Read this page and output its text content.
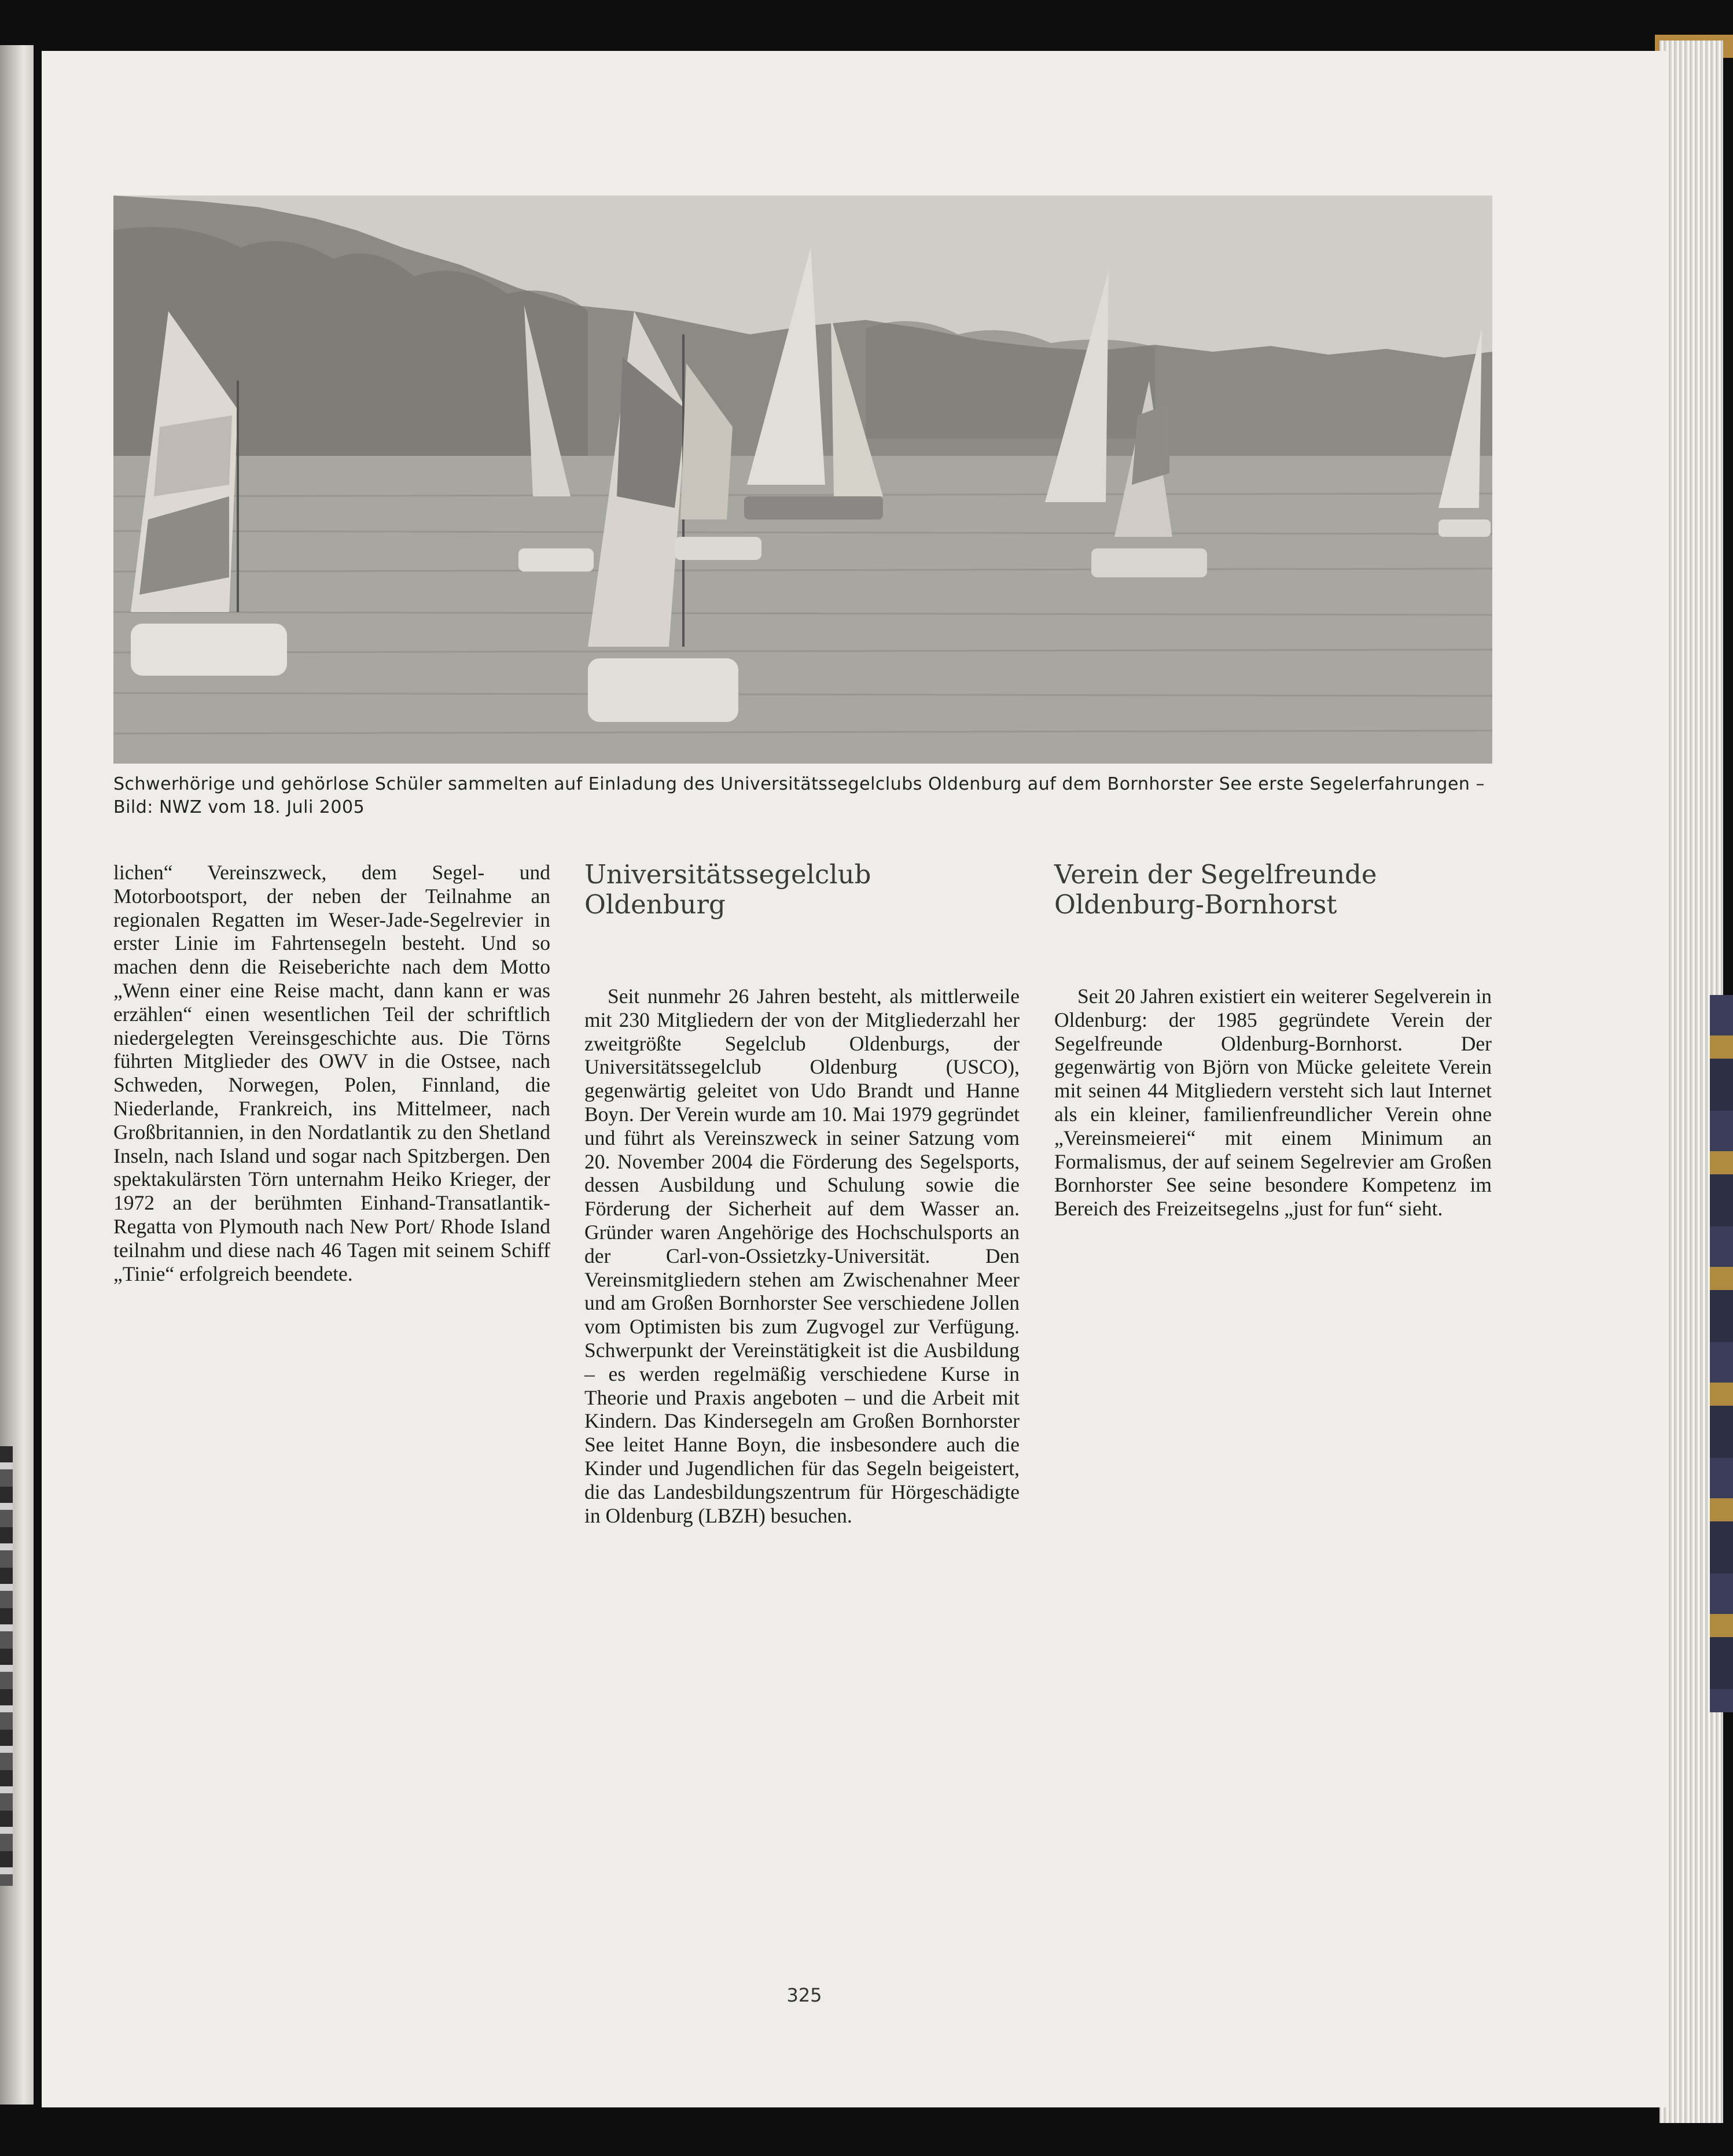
Schwerhörige und gehörlose Schüler sammelten auf Einladung des Universitätssegelclubs Oldenburg auf dem Bornhorster See erste Segelerfahrungen –

Bild: NWZ vom 18. Juli 2005

lichen“ Vereinszweck, dem Segel- und Motorbootsport, der neben der Teilnahme an regionalen Regatten im Weser-Jade-Segelrevier in erster Linie im Fahrtensegeln besteht. Und so machen denn die Reiseberichte nach dem Motto „Wenn einer eine Reise macht, dann kann er was erzählen“ einen wesentlichen Teil der schriftlich niedergelegten Vereinsgeschichte aus. Die Törns führten Mitglieder des OWV in die Ostsee, nach Schweden, Norwegen, Polen, Finnland, die Niederlande, Frankreich, ins Mittelmeer, nach Großbritannien, in den Nordatlantik zu den Shetland Inseln, nach Island und sogar nach Spitzbergen. Den spektakulärsten Törn unternahm Heiko Krieger, der 1972 an der berühmten Einhand-Transatlantik-Regatta von Plymouth nach New Port/ Rhode Island teilnahm und diese nach 46 Tagen mit seinem Schiff „Tinie“ erfolgreich beendete.

Universitätssegelclub
Oldenburg

Seit nunmehr 26 Jahren besteht, als mittlerweile mit 230 Mitgliedern der von der Mitgliederzahl her zweitgrößte Segelclub Oldenburgs, der Universitätssegelclub Oldenburg (USCO), gegenwärtig geleitet von Udo Brandt und Hanne Boyn. Der Verein wurde am 10. Mai 1979 gegründet und führt als Vereinszweck in seiner Satzung vom 20. November 2004 die Förderung des Segelsports, dessen Ausbildung und Schulung sowie die Förderung der Sicherheit auf dem Wasser an. Gründer waren Angehörige des Hochschulsports an der Carl-von-Ossietzky-Universität. Den Vereinsmitgliedern stehen am Zwischenahner Meer und am Großen Bornhorster See verschiedene Jollen vom Optimisten bis zum Zugvogel zur Verfügung. Schwerpunkt der Vereinstätigkeit ist die Ausbildung – es werden regelmäßig verschiedene Kurse in Theorie und Praxis angeboten – und die Arbeit mit Kindern. Das Kindersegeln am Großen Bornhorster See leitet Hanne Boyn, die insbesondere auch die Kinder und Jugendlichen für das Segeln beigeistert, die das Landesbildungszentrum für Hörgeschädigte in Oldenburg (LBZH) besuchen.

Verein der Segelfreunde
Oldenburg-Bornhorst

Seit 20 Jahren existiert ein weiterer Segelverein in Oldenburg: der 1985 gegründete Verein der Segelfreunde Oldenburg-Bornhorst. Der gegenwärtig von Björn von Mücke geleitete Verein mit seinen 44 Mitgliedern versteht sich laut Internet als ein kleiner, familienfreundlicher Verein ohne „Vereinsmeierei“ mit einem Minimum an Formalismus, der auf seinem Segelrevier am Großen Bornhorster See seine besondere Kompetenz im Bereich des Freizeitsegelns „just for fun“ sieht.

325
